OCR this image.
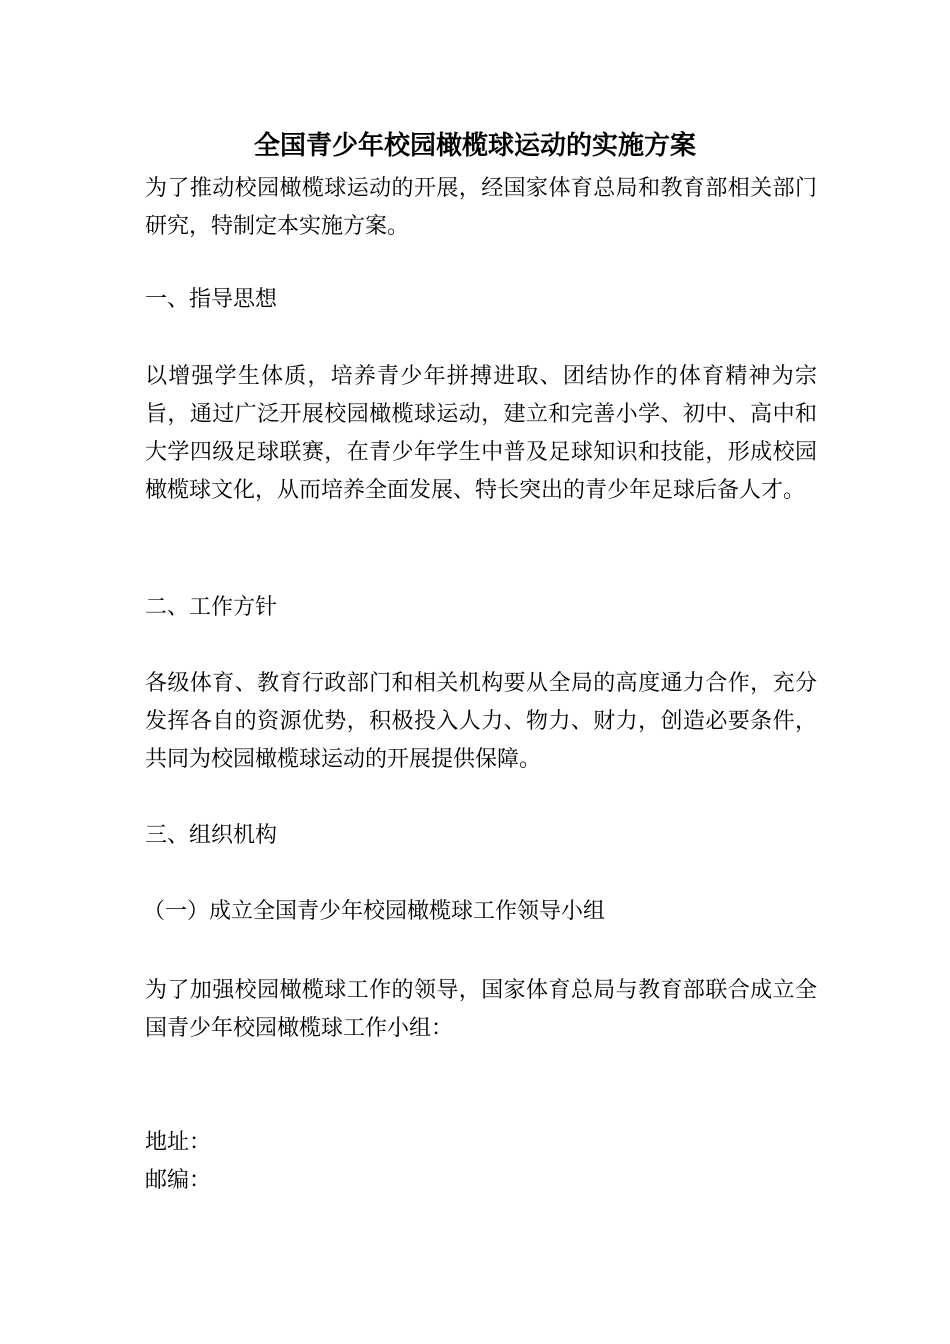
全国青少年校园橄榄球运动的实施方案

为了推动校园橄榄球运动的开展，经国家体育总局和教育部相关部门研究，特制定本实施方案。

一、指导思想

以增强学生体质，培养青少年拼搏进取、团结协作的体育精神为宗旨，通过广泛开展校园橄榄球运动，建立和完善小学、初中、高中和大学四级足球联赛，在青少年学生中普及足球知识和技能，形成校园橄榄球文化，从而培养全面发展、特长突出的青少年足球后备人才。

二、工作方针

各级体育、教育行政部门和相关机构要从全局的高度通力合作，充分发挥各自的资源优势，积极投入人力、物力、财力，创造必要条件，共同为校园橄榄球运动的开展提供保障。

三、组织机构

（一）成立全国青少年校园橄榄球工作领导小组

为了加强校园橄榄球工作的领导，国家体育总局与教育部联合成立全国青少年校园橄榄球工作小组：

地址：

邮编：
